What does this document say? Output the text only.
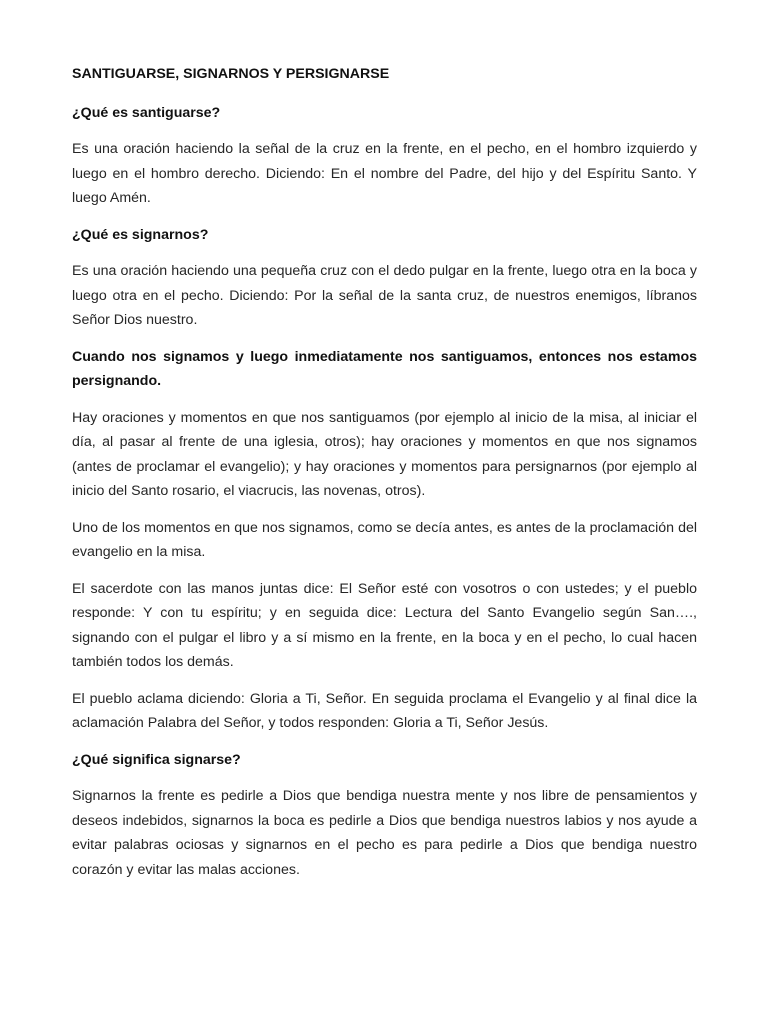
SANTIGUARSE, SIGNARNOS Y PERSIGNARSE

¿Qué es santiguarse?

Es una oración haciendo la señal de la cruz en la frente, en el pecho, en el hombro izquierdo y luego en el hombro derecho. Diciendo: En el nombre del Padre, del hijo y del Espíritu Santo. Y luego Amén.

¿Qué es signarnos?

Es una oración haciendo una pequeña cruz con el dedo pulgar en la frente, luego otra en la boca y luego otra en el pecho. Diciendo: Por la señal de la santa cruz, de nuestros enemigos, líbranos Señor Dios nuestro.

Cuando nos signamos y luego inmediatamente nos santiguamos, entonces nos estamos persignando.

Hay oraciones y momentos en que nos santiguamos (por ejemplo al inicio de la misa, al iniciar el día, al pasar al frente de una iglesia, otros); hay oraciones y momentos en que nos signamos (antes de proclamar el evangelio); y hay oraciones y momentos para persignarnos (por ejemplo al inicio del Santo rosario, el viacrucis, las novenas, otros).

Uno de los momentos en que nos signamos, como se decía antes, es antes de la proclamación del evangelio en la misa.

El sacerdote con las manos juntas dice: El Señor esté con vosotros o con ustedes; y el pueblo responde: Y con tu espíritu; y en seguida dice: Lectura del Santo Evangelio según San…., signando con el pulgar el libro y a sí mismo en la frente, en la boca y en el pecho, lo cual hacen también todos los demás.

El pueblo aclama diciendo: Gloria a Ti, Señor. En seguida proclama el Evangelio y al final dice la aclamación Palabra del Señor, y todos responden: Gloria a Ti, Señor Jesús.

¿Qué significa signarse?

Signarnos la frente es pedirle a Dios que bendiga nuestra mente y nos libre de pensamientos y deseos indebidos, signarnos la boca es pedirle a Dios que bendiga nuestros labios y nos ayude a evitar palabras ociosas y signarnos en el pecho es para pedirle a Dios que bendiga nuestro corazón y evitar las malas acciones.
